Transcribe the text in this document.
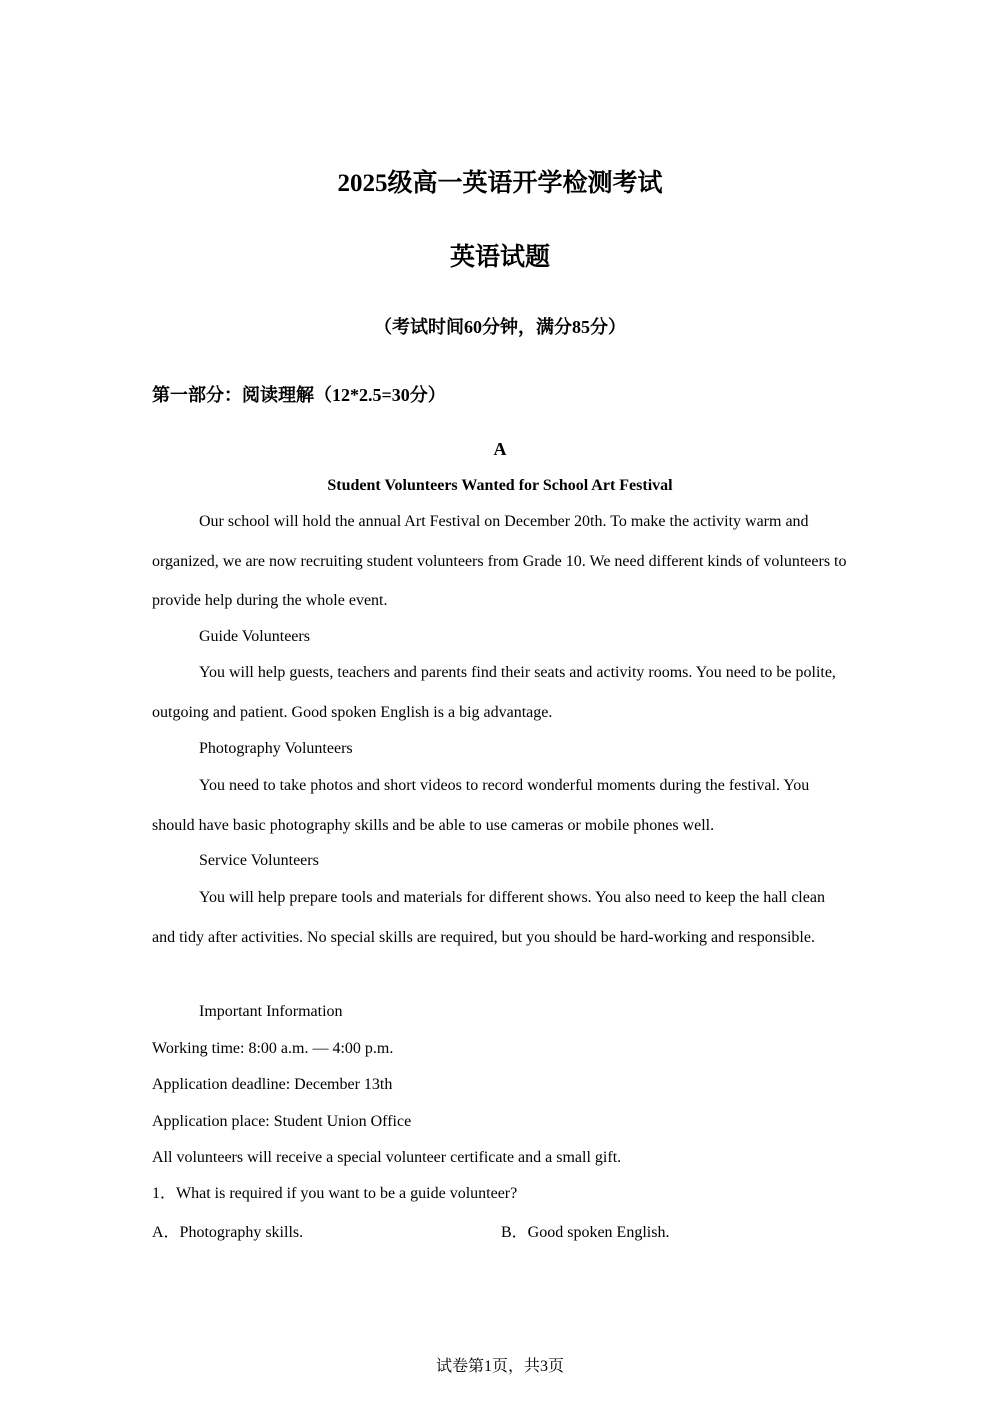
2025级高一英语开学检测考试
英语试题
（考试时间60分钟，满分85分）
第一部分：阅读理解（12*2.5=30分）
A
Student Volunteers Wanted for School Art Festival

Our school will hold the annual Art Festival on December 20th. To make the activity warm and organized, we are now recruiting student volunteers from Grade 10. We need different kinds of volunteers to provide help during the whole event.

Guide Volunteers

You will help guests, teachers and parents find their seats and activity rooms. You need to be polite, outgoing and patient. Good spoken English is a big advantage.

Photography Volunteers

You need to take photos and short videos to record wonderful moments during the festival. You should have basic photography skills and be able to use cameras or mobile phones well.

Service Volunteers

You will help prepare tools and materials for different shows. You also need to keep the hall clean and tidy after activities. No special skills are required, but you should be hard-working and responsible.

Important Information
Working time: 8:00 a.m. — 4:00 p.m.
Application deadline: December 13th
Application place: Student Union Office
All volunteers will receive a special volunteer certificate and a small gift.
1．What is required if you want to be a guide volunteer?
A．Photography skills.	B．Good spoken English.
试卷第1页，共3页
